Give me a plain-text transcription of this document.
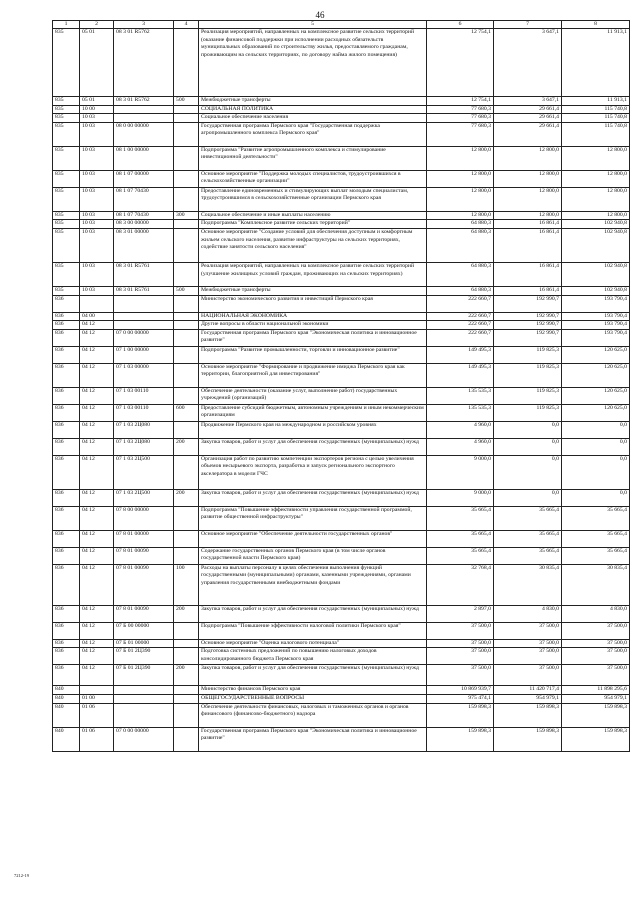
46
1	2	3	4	5	6	7	8
835	05 01	08 3 01 R5762		Реализация мероприятий, направленных на комплексное развитие сельских территорий (оказание финансовой поддержки при исполнении расходных обязательств муниципальных образований по строительству жилья, предоставляемого гражданам, проживающим на сельских территориях, по договору найма жилого помещения)	12 754,1	3 647,1	11 913,1
835	05 01	08 3 01 R5762	500	Межбюджетные трансферты	12 754,1	3 647,1	11 913,1
835	10 00			СОЦИАЛЬНАЯ ПОЛИТИКА	77 680,3	29 661,4	115 740,8
835	10 03			Социальное обеспечение населения	77 680,3	29 661,4	115 740,8
835	10 03	08 0 00 00000		Государственная программа Пермского края "Государственная поддержка агропромышленного комплекса Пермского края"	77 680,3	29 661,4	115 740,8
835	10 03	08 1 00 00000		Подпрограмма "Развитие агропромышленного комплекса и стимулирование инвестиционной деятельности"	12 800,0	12 800,0	12 800,0
835	10 03	08 1 07 00000		Основное мероприятие "Поддержка молодых специалистов, трудоустроившихся в сельскохозяйственные организации"	12 800,0	12 800,0	12 800,0
835	10 03	08 1 07 70430		Предоставление единовременных и стимулирующих выплат молодым специалистам, трудоустроившимся в сельскохозяйственные организации Пермского края	12 800,0	12 800,0	12 800,0
835	10 03	08 1 07 70430	300	Социальное обеспечение и иные выплаты населению	12 800,0	12 800,0	12 800,0
835	10 03	08 3 00 00000		Подпрограмма "Комплексное развитие сельских территорий"	64 880,3	16 861,4	102 940,8
835	10 03	08 3 01 00000		Основное мероприятие "Создание условий для обеспечения доступным и комфортным жильем сельского населения, развитие инфраструктуры на сельских территориях, содействие занятости сельского населения"	64 880,3	16 861,4	102 940,8
835	10 03	08 3 01 R5761		Реализация мероприятий, направленных на комплексное развитие сельских территорий (улучшение жилищных условий граждан, проживающих на сельских территориях)	64 880,3	16 861,4	102 940,8
835	10 03	08 3 01 R5761	500	Межбюджетные трансферты	64 880,3	16 861,4	102 940,8
836				Министерство экономического развития и инвестиций Пермского края	222 660,7	192 990,7	193 790,4
836	04 00			НАЦИОНАЛЬНАЯ ЭКОНОМИКА	222 660,7	192 990,7	193 790,4
836	04 12			Другие вопросы в области национальной экономики	222 660,7	192 990,7	193 790,4
836	04 12	07 0 00 00000		Государственная программа Пермского края "Экономическая политика и инновационное развитие"	222 660,7	192 990,7	193 790,4
836	04 12	07 1 00 00000		Подпрограмма "Развитие промышленности, торговли и инновационное развитие"	149 495,3	119 825,3	120 625,0
836	04 12	07 1 03 00000		Основное мероприятие "Формирование и продвижение имиджа Пермского края как территории, благоприятной для инвестирования"	149 495,3	119 825,3	120 625,0
836	04 12	07 1 03 00110		Обеспечение деятельности (оказание услуг, выполнение работ) государственных учреждений (организаций)	135 535,3	119 825,3	120 625,0
836	04 12	07 1 03 00110	600	Предоставление субсидий бюджетным, автономным учреждениям и иным некоммерческим организациям	135 535,3	119 825,3	120 625,0
836	04 12	07 1 03 2Ц080		Продвижение Пермского края на международном и российском уровнях	4 960,0	0,0	0,0
836	04 12	07 1 03 2Ц080	200	Закупка товаров, работ и услуг для обеспечения государственных (муниципальных) нужд	4 960,0	0,0	0,0
836	04 12	07 1 03 2Ц500		Организация работ по развитию компетенции экспортеров региона с целью увеличения объемов несырьевого экспорта, разработка и запуск регионального экспортного акселератора в модели ГЧС	9 000,0	0,0	0,0
836	04 12	07 1 03 2Ц500	200	Закупка товаров, работ и услуг для обеспечения государственных (муниципальных) нужд	9 000,0	0,0	0,0
836	04 12	07 8 00 00000		Подпрограмма "Повышение эффективности управления государственной программой, развитие общественной инфраструктуры"	35 665,4	35 665,4	35 665,4
836	04 12	07 8 01 00000		Основное мероприятие "Обеспечение деятельности государственных органов"	35 665,4	35 665,4	35 665,4
836	04 12	07 8 01 00090		Содержание государственных органов Пермского края (в том числе органов государственной власти Пермского края)	35 665,4	35 665,4	35 665,4
836	04 12	07 8 01 00090	100	Расходы на выплаты персоналу в целях обеспечения выполнения функций государственными (муниципальными) органами, казенными учреждениями, органами управления государственными внебюджетными фондами	32 768,4	30 835,4	30 835,4
836	04 12	07 8 01 00090	200	Закупка товаров, работ и услуг для обеспечения государственных (муниципальных) нужд	2 897,0	4 830,0	4 830,0
836	04 12	07 Б 00 00000		Подпрограмма "Повышение эффективности налоговой политики Пермского края"	37 500,0	37 500,0	37 500,0
836	04 12	07 Б 01 00000		Основное мероприятие "Оценка налогового потенциала"	37 500,0	37 500,0	37 500,0
836	04 12	07 Б 01 2Ц390		Подготовка системных предложений по повышению налоговых доходов консолидированного бюджета Пермского края	37 500,0	37 500,0	37 500,0
836	04 12	07 Б 01 2Ц390	200	Закупка товаров, работ и услуг для обеспечения государственных (муниципальных) нужд	37 500,0	37 500,0	37 500,0
840				Министерство финансов Пермского края	10 869 939,7	11 420 717,4	11 898 295,6
840	01 00			ОБЩЕГОСУДАРСТВЕННЫЕ ВОПРОСЫ	975 474,1	954 979,1	954 979,1
840	01 06			Обеспечение деятельности финансовых, налоговых и таможенных органов и органов финансового (финансово-бюджетного) надзора	159 898,3	159 898,3	159 898,3
840	01 06	07 0 00 00000		Государственная программа Пермского края "Экономическая политика и инновационное развитие"	159 898,3	159 898,3	159 898,3
7212-19
